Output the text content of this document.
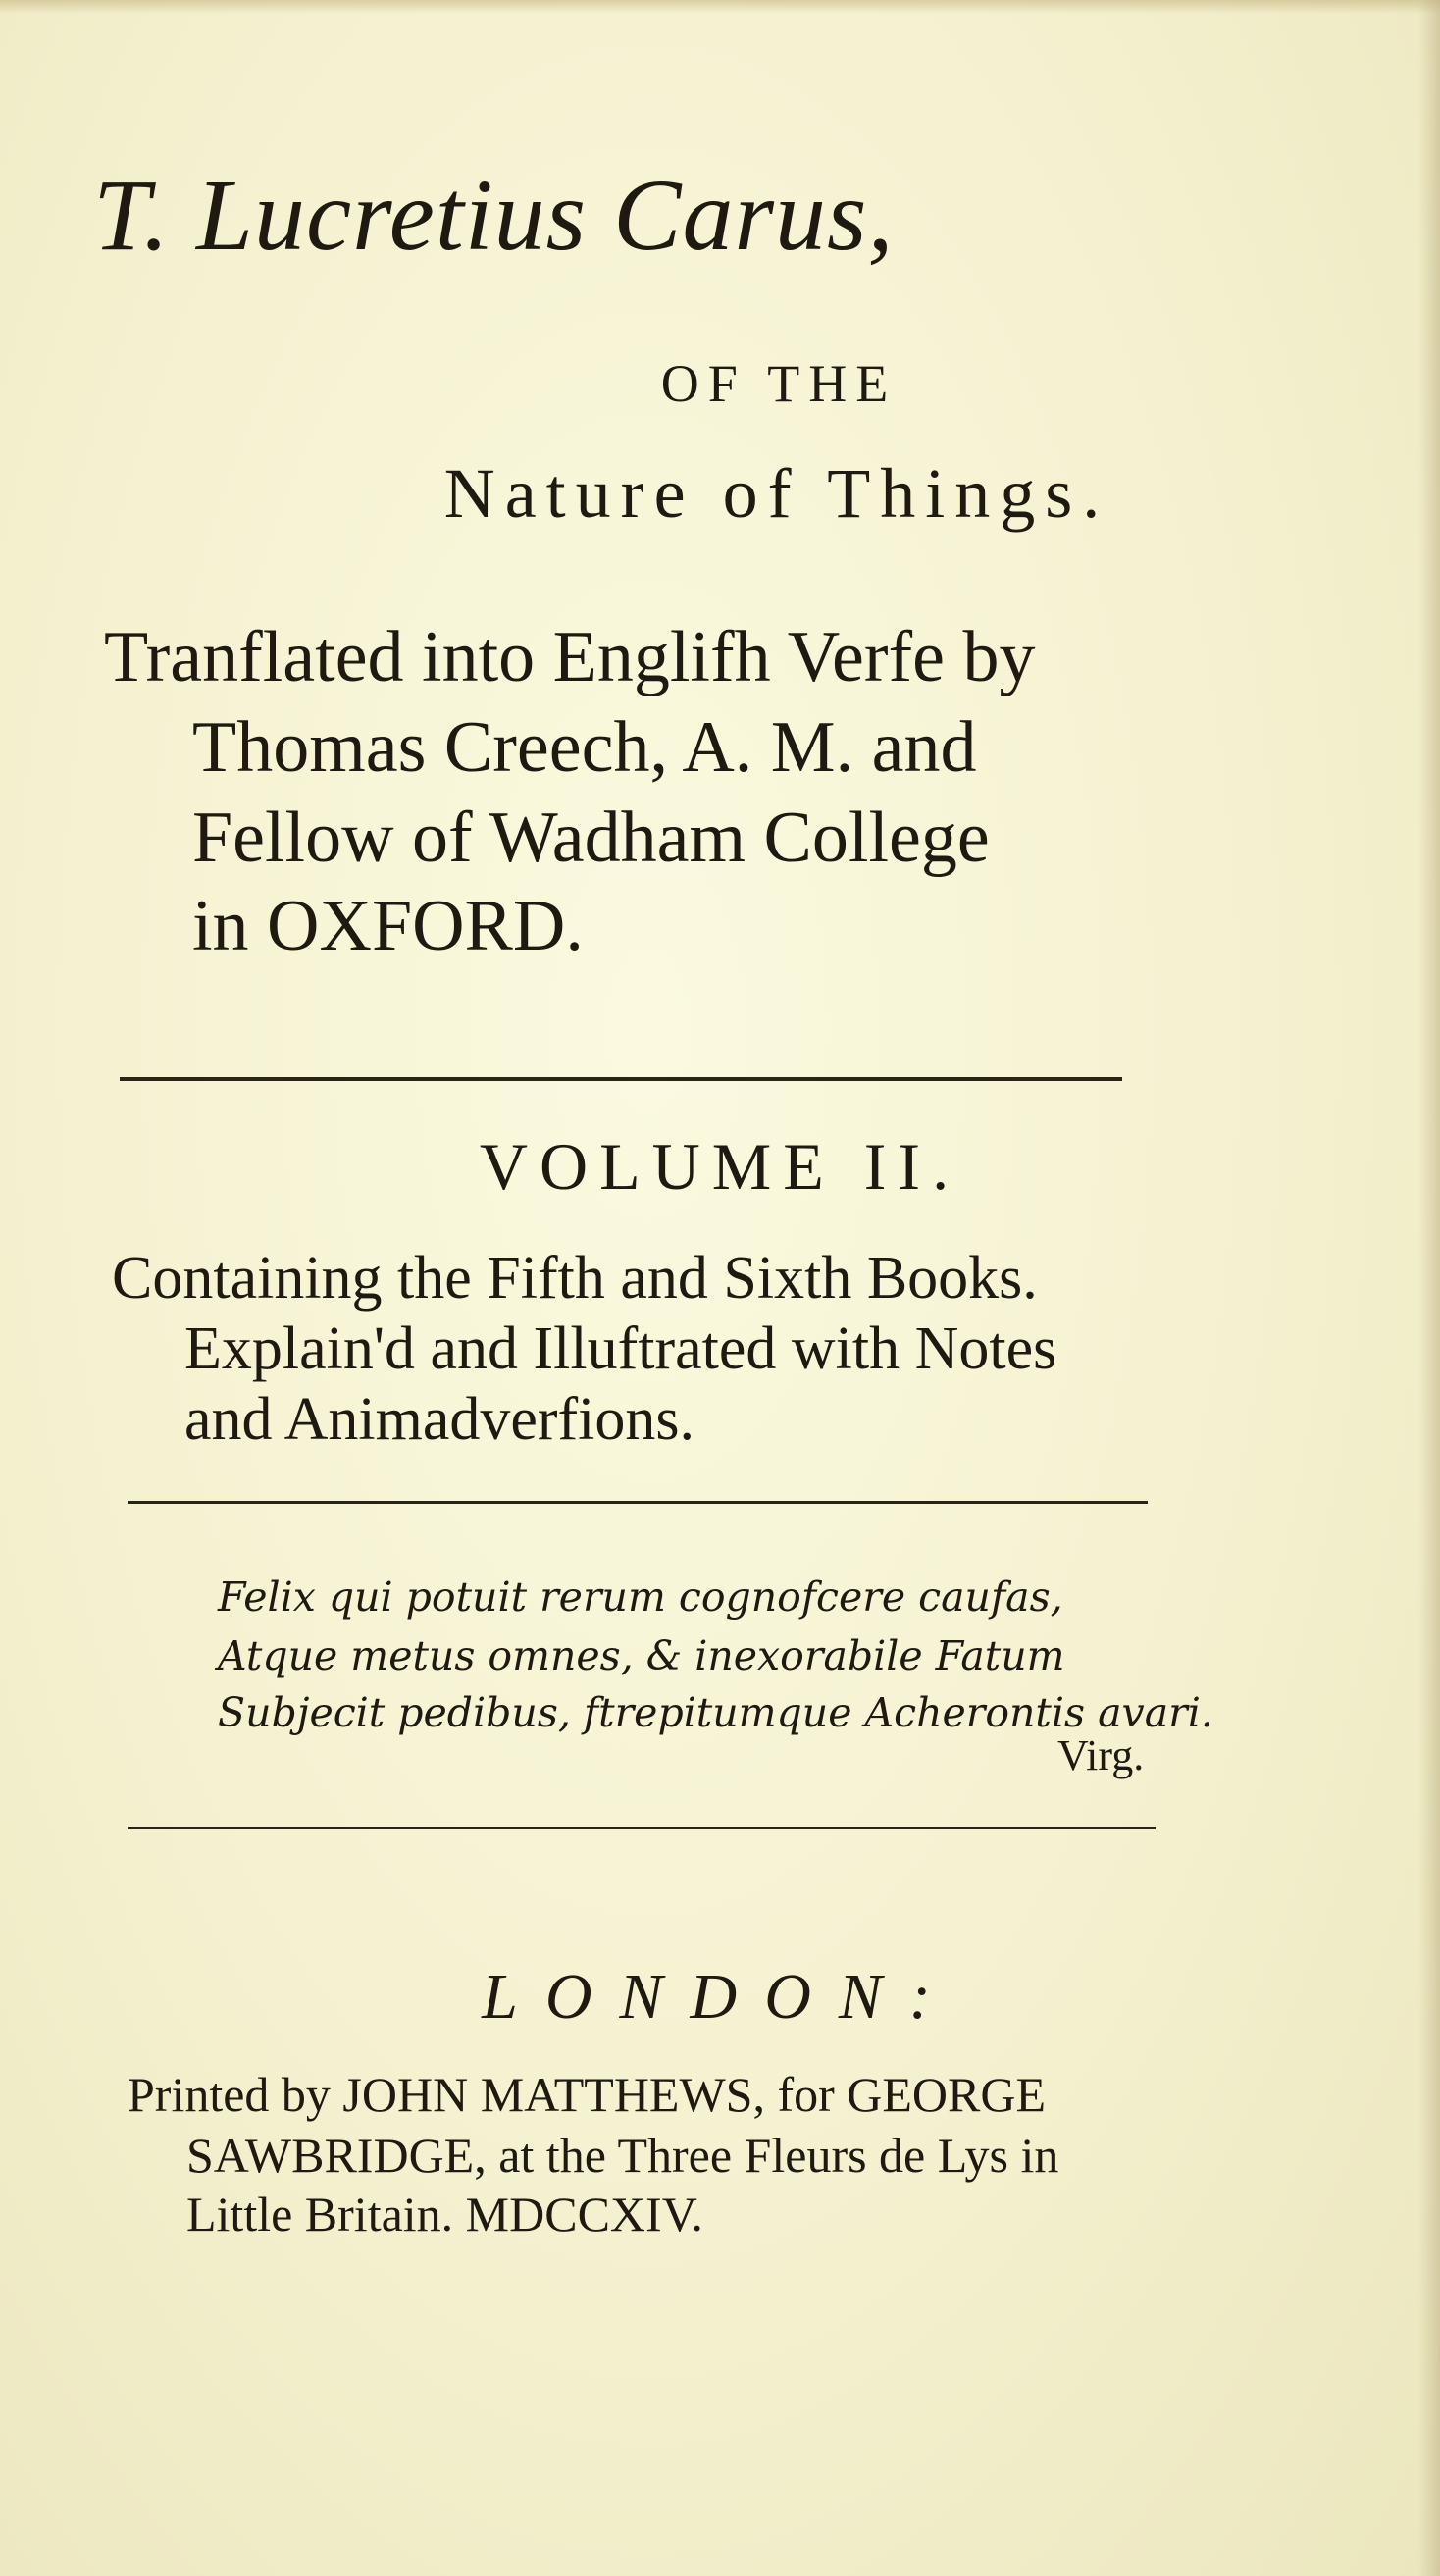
T. Lucretius Carus,
OF THE
Nature of Things.
Tranflated into Englifh Verfe by
Thomas Creech, A. M. and
Fellow of Wadham College
in OXFORD.
VOLUME II.
Containing the Fifth and Sixth Books.
Explain'd and Illuftrated with Notes
and Animadverfions.
Felix qui potuit rerum cognofcere caufas,
Atque metus omnes, & inexorabile Fatum
Subjecit pedibus, ftrepitumque Acherontis avari.
Virg.
LONDON:
Printed by JOHN MATTHEWS, for GEORGE
SAWBRIDGE, at the Three Fleurs de Lys in
Little Britain. MDCCXIV.
